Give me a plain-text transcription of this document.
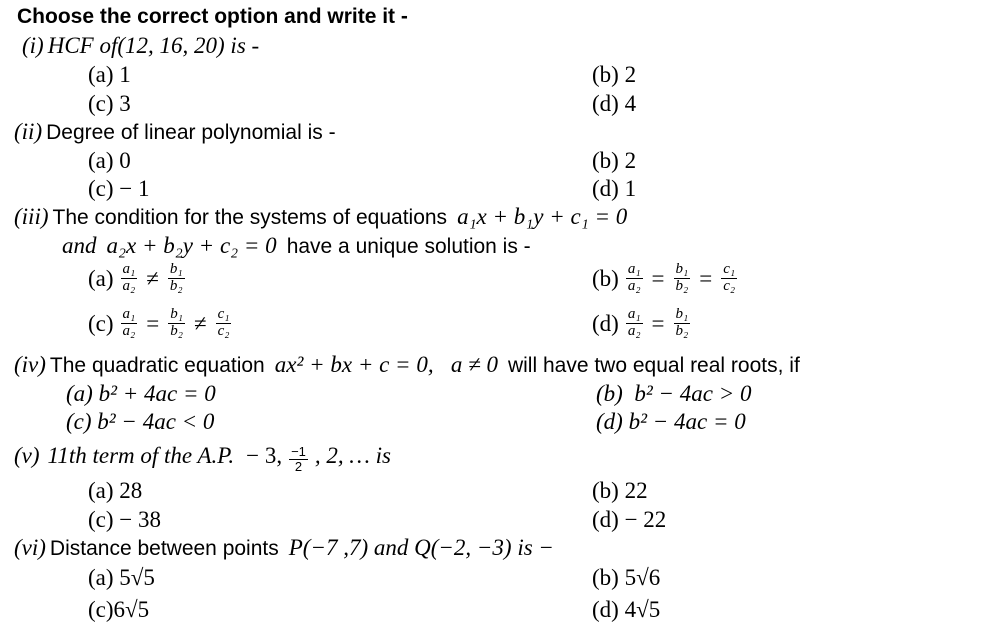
Choose the correct option and write it -
(i) HCF of(12, 16, 20) is -
(a) 1	(b) 2
(c) 3	(d) 4
(ii) Degree of linear polynomial is -
(a) 0	(b) 2
(c) − 1	(d) 1
(iii) The condition for the systems of equations a₁x + b₁y + c₁ = 0
and a₂x + b₂y + c₂ = 0 have a unique solution is -
$(a) \frac{\text{a₁}}{\text{a₂}} \ne \frac{\text{b₁}}{\text{b₂}}$	$(b) \frac{\text{a₁}}{\text{a₂}} = \frac{\text{b₁}}{\text{b₂}} = \frac{\text{c₁}}{\text{c₂}}$
$(c) \frac{\text{a₁}}{\text{a₂}} = \frac{\text{b₁}}{\text{b₂}} \ne \frac{\text{c₁}}{\text{c₂}}$	$(d) \frac{\text{a₁}}{\text{a₂}} = \frac{\text{b₁}}{\text{b₂}}$
(iv) The quadratic equation ax² + bx + c = 0,   a ≠ 0 will have two equal real roots, if
(a) b² + 4ac = 0	(b)  b² − 4ac > 0
(c) b² − 4ac < 0	(d) b² − 4ac = 0
(v) 11th term of the A.P. − 3, $\frac{-1}{2}$ , 2, … is
(a) 28	(b) 22
(c) − 38	(d) − 22
(vi) Distance between points P(−7 ,7) and Q(−2, −3) is −
(a) 5√5	(b) 5√6
(c)6√5	(d) 4√5
